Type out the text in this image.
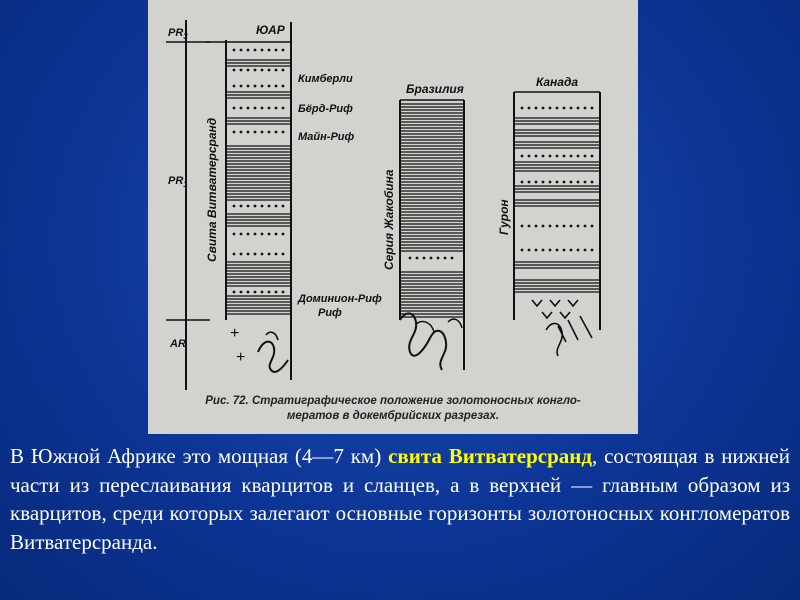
$PR_3$
$PR_1$
AR
ЮАР
Свита Витватерсранд
Кимберли
Бёрд-Риф
Майн-Риф
Доминион-Риф
Риф
+
+
Бразилия
Серия Жакобина
Канада
Гурон
Рис. 72. Стратиграфическое положение золотоносных конгло-
мератов в докембрийских разрезах.
В Южной Африке это мощная (4—7 км) свита Витватерсранд, состоящая в нижней части из переслаивания кварцитов и сланцев, а в верхней — главным образом из кварцитов, среди которых залегают основные горизонты золотоносных конгломератов Витватерсранда.
